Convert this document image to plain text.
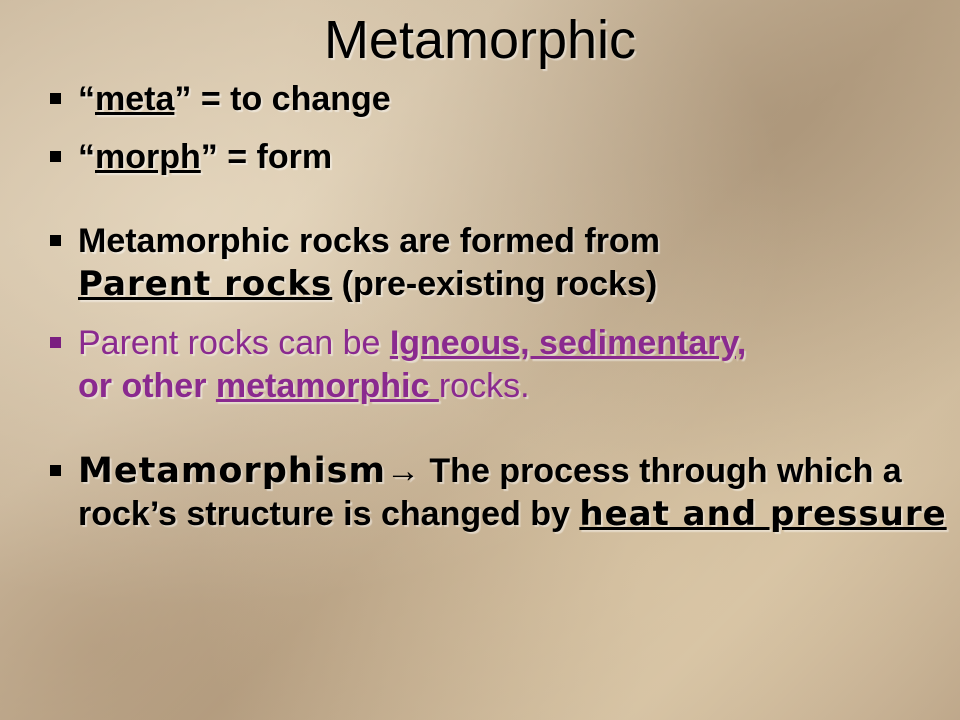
Metamorphic

“meta” = to change

“morph” = form

Metamorphic rocks are formed from
Parent rocks (pre-existing rocks)

Parent rocks can be Igneous, sedimentary,
or other metamorphic rocks.

Metamorphism→ The process through which a rock’s structure is changed by heat and pressure
